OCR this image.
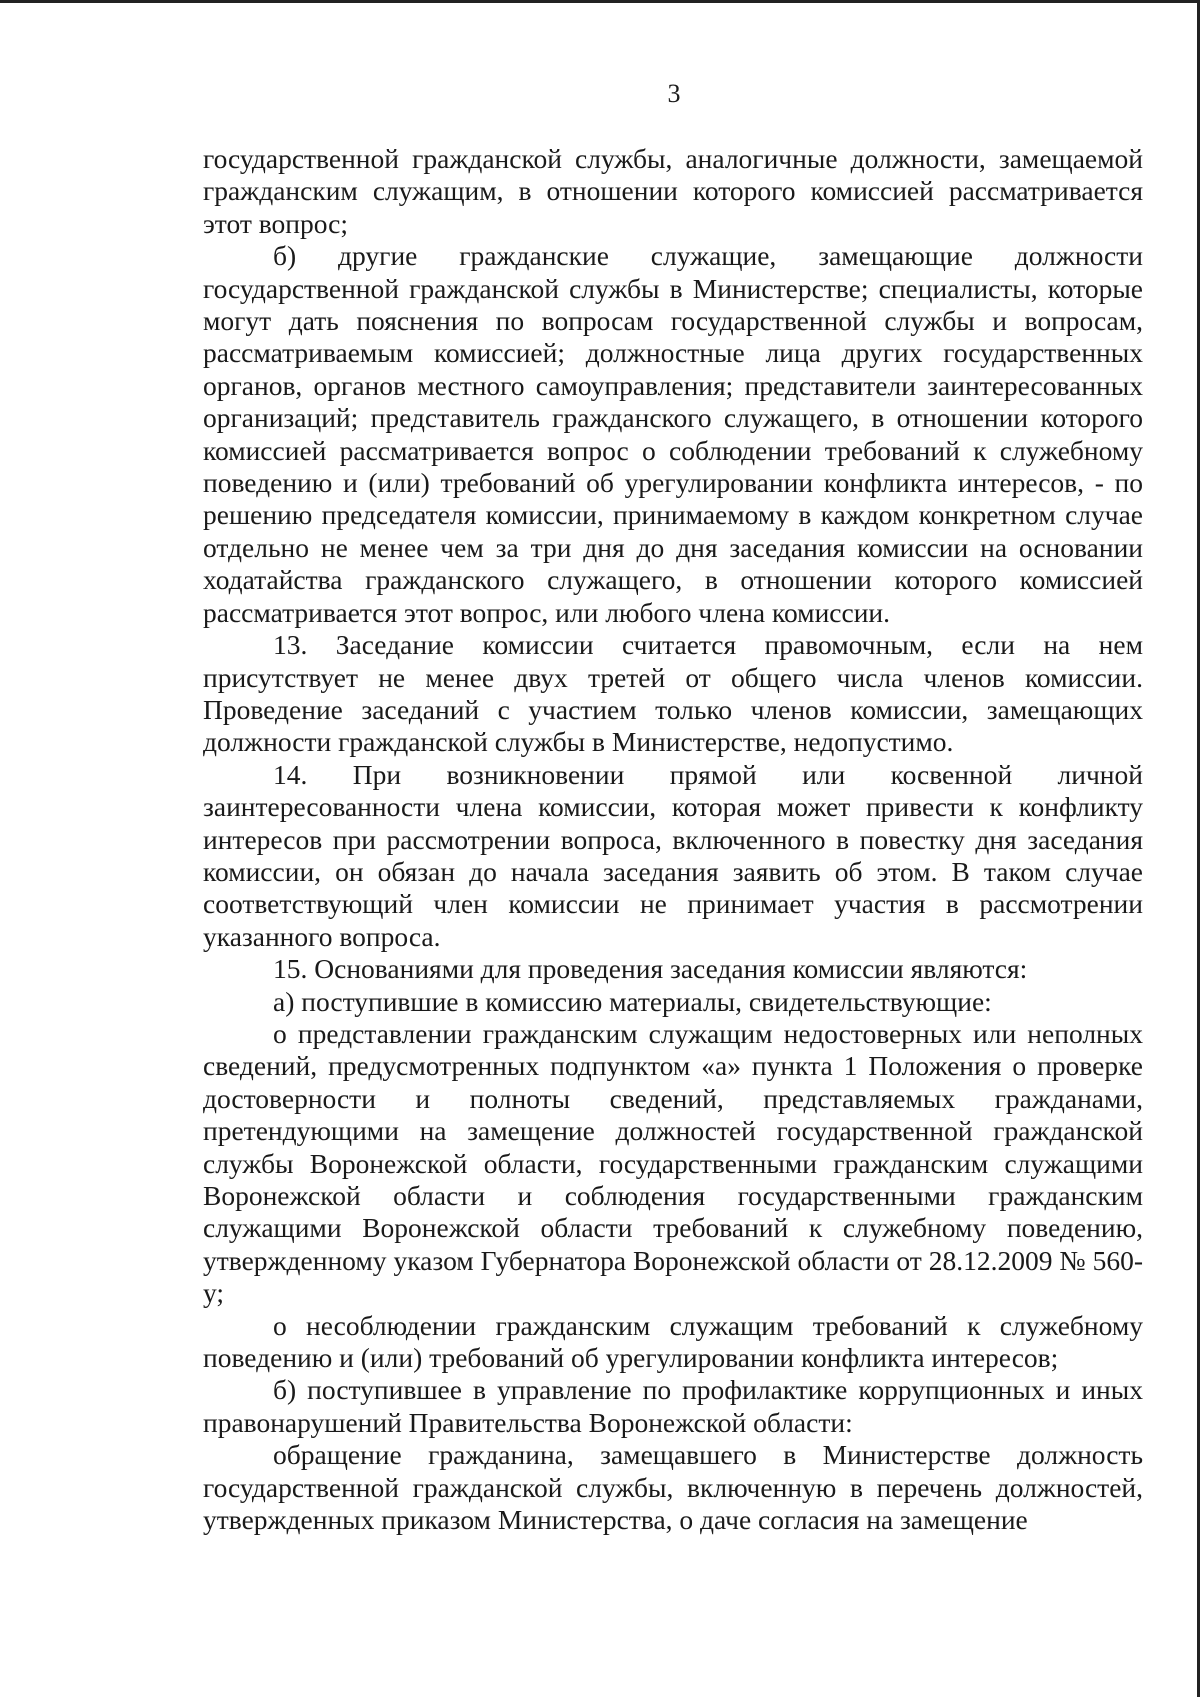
3

государственной гражданской службы, аналогичные должности, замещаемой гражданским служащим, в отношении которого комиссией рассматривается этот вопрос;

б) другие гражданские служащие, замещающие должности государственной гражданской службы в Министерстве; специалисты, которые могут дать пояснения по вопросам государственной службы и вопросам, рассматриваемым комиссией; должностные лица других государственных органов, органов местного самоуправления; представители заинтересованных организаций; представитель гражданского служащего, в отношении которого комиссией рассматривается вопрос о соблюдении требований к служебному поведению и (или) требований об урегулировании конфликта интересов, - по решению председателя комиссии, принимаемому в каждом конкретном случае отдельно не менее чем за три дня до дня заседания комиссии на основании ходатайства гражданского служащего, в отношении которого комиссией рассматривается этот вопрос, или любого члена комиссии.

13. Заседание комиссии считается правомочным, если на нем присутствует не менее двух третей от общего числа членов комиссии. Проведение заседаний с участием только членов комиссии, замещающих должности гражданской службы в Министерстве, недопустимо.

14. При возникновении прямой или косвенной личной заинтересованности члена комиссии, которая может привести к конфликту интересов при рассмотрении вопроса, включенного в повестку дня заседания комиссии, он обязан до начала заседания заявить об этом. В таком случае соответствующий член комиссии не принимает участия в рассмотрении указанного вопроса.

15. Основаниями для проведения заседания комиссии являются:

а) поступившие в комиссию материалы, свидетельствующие:

о представлении гражданским служащим недостоверных или неполных сведений, предусмотренных подпунктом «а» пункта 1 Положения о проверке достоверности и полноты сведений, представляемых гражданами, претендующими на замещение должностей государственной гражданской службы Воронежской области, государственными гражданским служащими Воронежской области и соблюдения государственными гражданским служащими Воронежской области требований к служебному поведению, утвержденному указом Губернатора Воронежской области от 28.12.2009 № 560-у;

о несоблюдении гражданским служащим требований к служебному поведению и (или) требований об урегулировании конфликта интересов;

б) поступившее в управление по профилактике коррупционных и иных правонарушений Правительства Воронежской области:

обращение гражданина, замещавшего в Министерстве должность государственной гражданской службы, включенную в перечень должностей, утвержденных приказом Министерства, о даче согласия на замещение
